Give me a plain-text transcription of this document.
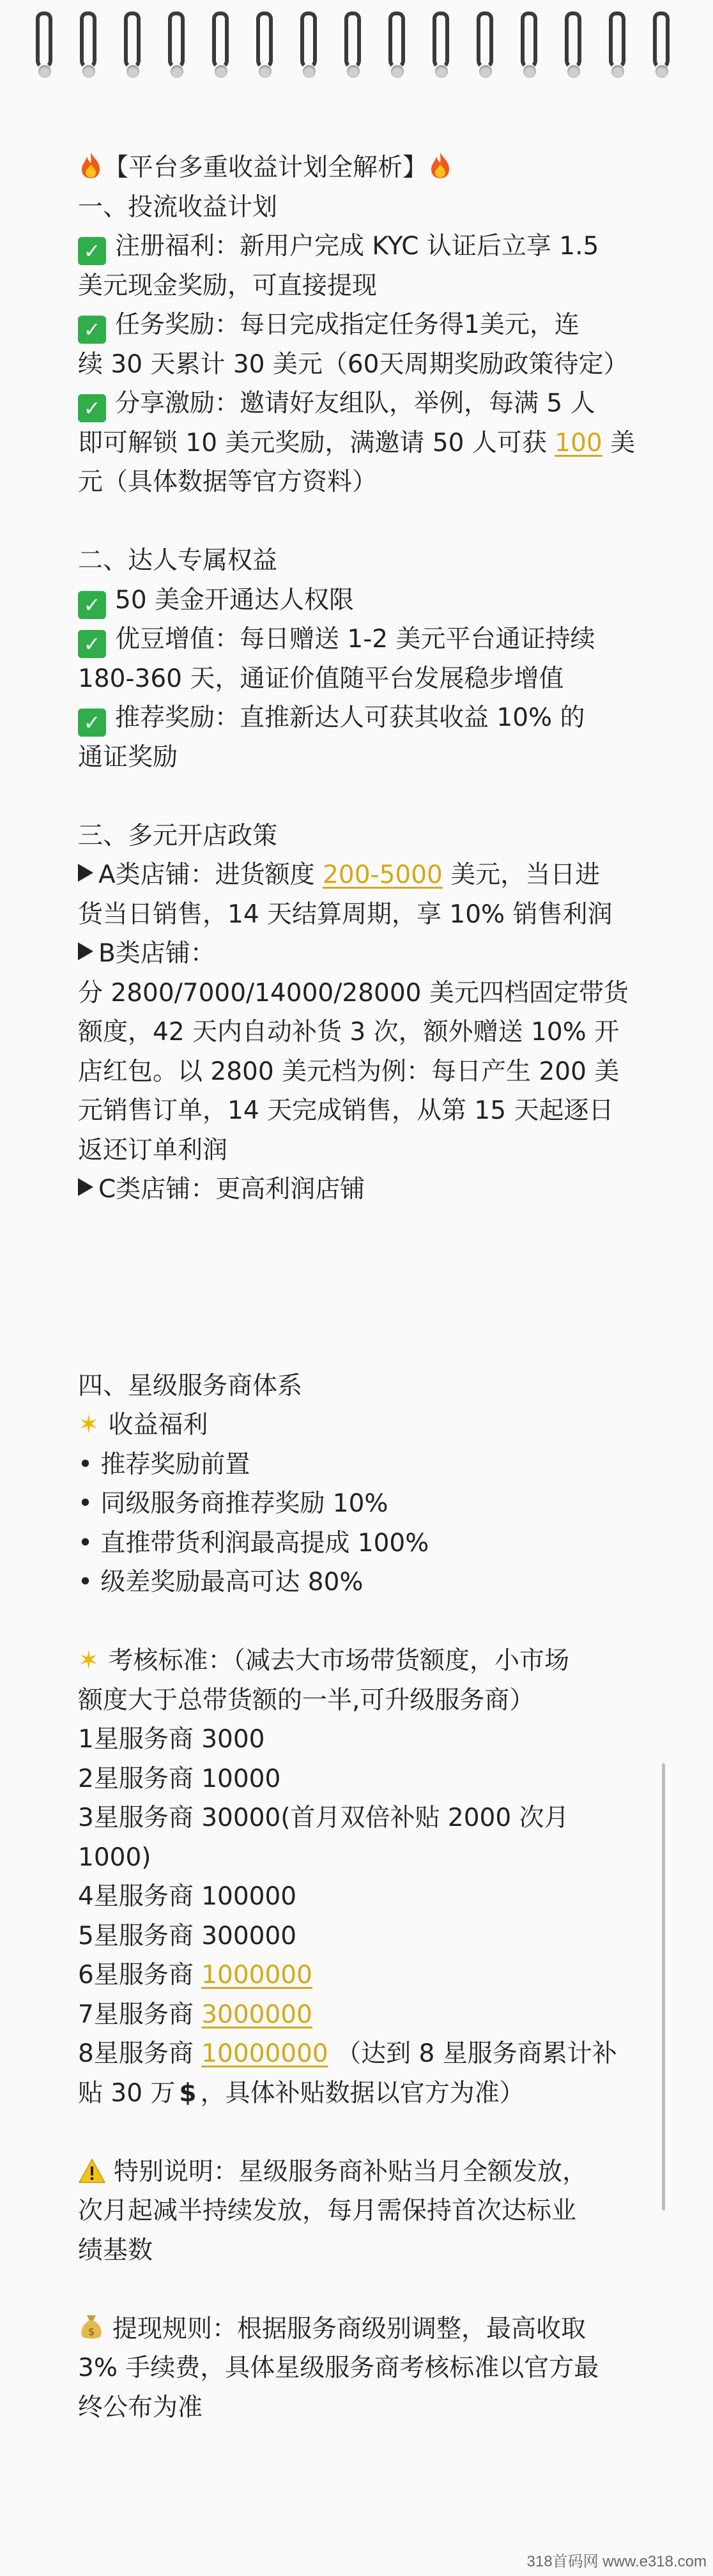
【平台多重收益计划全解析】
一、投流收益计划
✓ 注册福利：新用户完成 KYC 认证后立享 1.5
美元现金奖励，可直接提现
✓ 任务奖励：每日完成指定任务得1美元，连
续 30 天累计 30 美元（60天周期奖励政策待定）
✓ 分享激励：邀请好友组队，举例，每满 5 人
即可解锁 10 美元奖励，满邀请 50 人可获 100 美
元（具体数据等官方资料）
二、达人专属权益
✓ 50 美金开通达人权限
✓ 优豆增值：每日赠送 1-2 美元平台通证持续
180-360 天，通证价值随平台发展稳步增值
✓ 推荐奖励：直推新达人可获其收益 10% 的
通证奖励
三、多元开店政策
A类店铺：进货额度 200-5000 美元，当日进
货当日销售，14 天结算周期，享 10% 销售利润
B类店铺：
分 2800/7000/14000/28000 美元四档固定带货
额度，42 天内自动补货 3 次，额外赠送 10% 开
店红包。以 2800 美元档为例：每日产生 200 美
元销售订单，14 天完成销售，从第 15 天起逐日
返还订单利润
C类店铺：更高利润店铺
四、星级服务商体系
✶ 收益福利
• 推荐奖励前置
• 同级服务商推荐奖励 10%
• 直推带货利润最高提成 100%
• 级差奖励最高可达 80%
✶ 考核标准：（减去大市场带货额度，小市场
额度大于总带货额的一半,可升级服务商）
1星服务商 3000
2星服务商 10000
3星服务商 30000(首月双倍补贴 2000 次月
1000)
4星服务商 100000
5星服务商 300000
6星服务商 1000000
7星服务商 3000000
8星服务商 10000000 （达到 8 星服务商累计补
贴 30 万 $ ，具体补贴数据以官方为准）
特别说明：星级服务商补贴当月全额发放，
次月起减半持续发放，每月需保持首次达标业
绩基数
$ 提现规则：根据服务商级别调整，最高收取
3% 手续费，具体星级服务商考核标准以官方最
终公布为准
318首码网 www.e318.com
